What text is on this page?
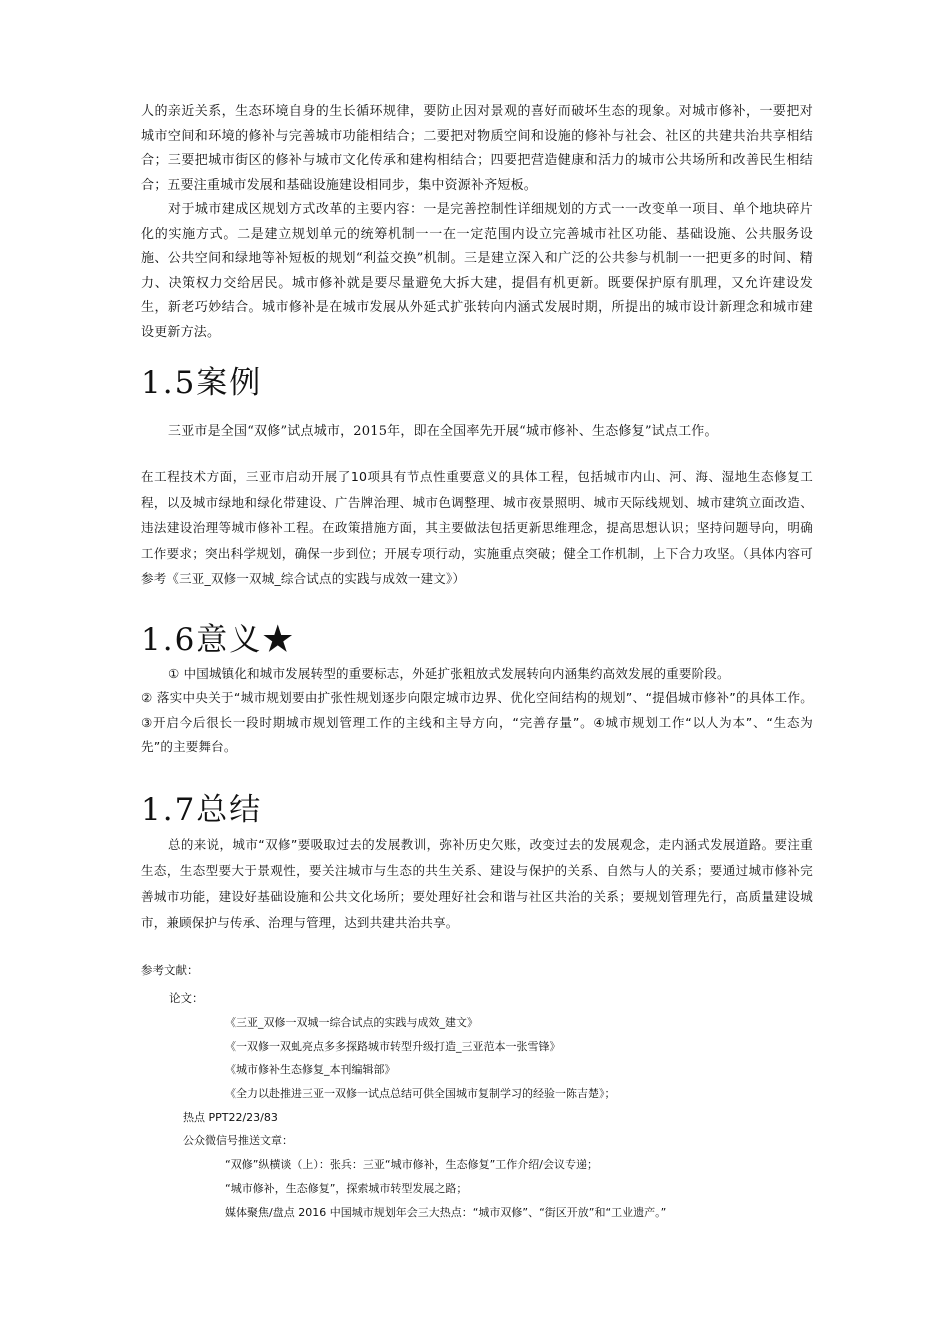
人的亲近关系，生态环境自身的生长循环规律，要防止因对景观的喜好而破坏生态的现象。对城市修补，一要把对城市空间和环境的修补与完善城市功能相结合；二要把对物质空间和设施的修补与社会、社区的共建共治共享相结合；三要把城市街区的修补与城市文化传承和建构相结合；四要把营造健康和活力的城市公共场所和改善民生相结合；五要注重城市发展和基础设施建设相同步，集中资源补齐短板。

对于城市建成区规划方式改革的主要内容：一是完善控制性详细规划的方式一一改变单一项目、单个地块碎片化的实施方式。二是建立规划单元的统筹机制一一在一定范围内设立完善城市社区功能、基础设施、公共服务设施、公共空间和绿地等补短板的规划“利益交换”机制。三是建立深入和广泛的公共参与机制一一把更多的时间、精力、决策权力交给居民。城市修补就是要尽量避免大拆大建，提倡有机更新。既要保护原有肌理，又允许建设发生，新老巧妙结合。城市修补是在城市发展从外延式扩张转向内涵式发展时期，所提出的城市设计新理念和城市建设更新方法。

1.5案例

三亚市是全国“双修”试点城市，2015年，即在全国率先开展“城市修补、生态修复”试点工作。

在工程技术方面，三亚市启动开展了10项具有节点性重要意义的具体工程，包括城市内山、河、海、湿地生态修复工程，以及城市绿地和绿化带建设、广告牌治理、城市色调整理、城市夜景照明、城市天际线规划、城市建筑立面改造、违法建设治理等城市修补工程。在政策措施方面，其主要做法包括更新思维理念，提高思想认识；坚持问题导向，明确工作要求；突出科学规划，确保一步到位；开展专项行动，实施重点突破；健全工作机制，上下合力攻坚。（具体内容可参考《三亚_双修一双城_综合试点的实践与成效一建文》）

1.6意义★

① 中国城镇化和城市发展转型的重要标志，外延扩张粗放式发展转向内涵集约高效发展的重要阶段。

② 落实中央关于“城市规划要由扩张性规划逐步向限定城市边界、优化空间结构的规划”、“提倡城市修补”的具体工作。③开启今后很长一段时期城市规划管理工作的主线和主导方向，“完善存量”。④城市规划工作“以人为本”、“生态为先”的主要舞台。

1.7总结

总的来说，城市“双修”要吸取过去的发展教训，弥补历史欠账，改变过去的发展观念，走内涵式发展道路。要注重生态，生态型要大于景观性，要关注城市与生态的共生关系、建设与保护的关系、自然与人的关系；要通过城市修补完善城市功能，建设好基础设施和公共文化场所；要处理好社会和谐与社区共治的关系；要规划管理先行，高质量建设城市，兼顾保护与传承、治理与管理，达到共建共治共享。

参考文献：

论文：

《三亚_双修一双城一综合试点的实践与成效_建文》

《一双修一双虬亮点多多探路城市转型升级打造_三亚范本一张雪锋》

《城市修补生态修复_本刊编辑部》

《全力以赴推进三亚一双修一试点总结可供全国城市复制学习的经验一陈吉楚》；

热点 PPT22/23/83

公众微信号推送文章：

“双修”纵横谈（上）：张兵：三亚“城市修补，生态修复”工作介绍/会议专递；

“城市修补，生态修复”，探索城市转型发展之路；

媒体聚焦/盘点 2016 中国城市规划年会三大热点：“城市双修”、“街区开放”和“工业遗产。”
